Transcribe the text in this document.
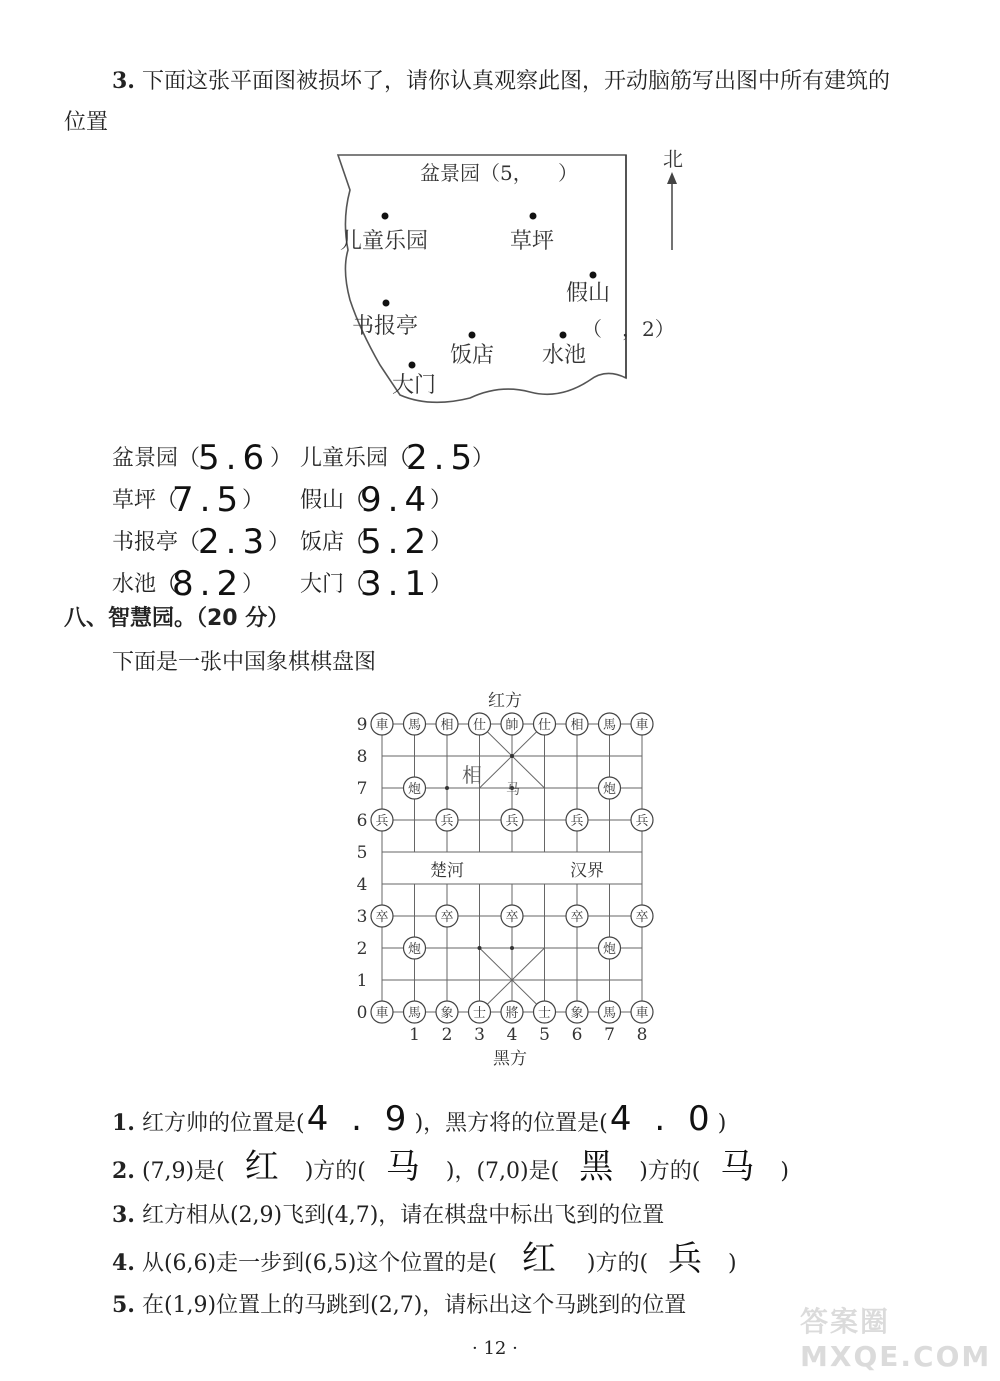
3. 下面这张平面图被损坏了，请你认真观察此图，开动脑筋写出图中所有建筑的
位置
北
盆景园（5， ）
儿童乐园	草坪
假山
书报亭
饭店 水池
（　，2）
大门
盆景园（
5.6 ） 儿童乐园（
2.5
）
草坪（
7.5
） 假山（
9.4
）
书报亭（
2.3
） 饭店（
5.2
）
水池（
8.2
） 大门（
3.1
）
八、智慧园。（20 分）
下面是一张中国象棋棋盘图
红方
黑方
0
1
2
3
4
5
6
7
8
9
1 2 3 4 5 6 7 8
車 馬 相 仕 帥 仕 相 馬 車
車 馬 象 士 將 士 象 馬 車
炮	炮
炮	炮
兵
卒
兵
卒
兵
卒
兵
卒
兵
卒
楚河	汉界
相
马
1. 红方帅的位置是(4 . 9)，黑方将的位置是(4 . 0)
2. (7,9)是( 红 )方的( 马 )，(7,0)是( 黑 )方的( 马 )
3. 红方相从(2,9)飞到(4,7)，请在棋盘中标出飞到的位置
4. 从(6,6)走一步到(6,5)这个位置的是( 红 )方的( 兵 )
5. 在(1,9)位置上的马跳到(2,7)，请标出这个马跳到的位置
· 12 ·
答案圈 MXQE.COM
